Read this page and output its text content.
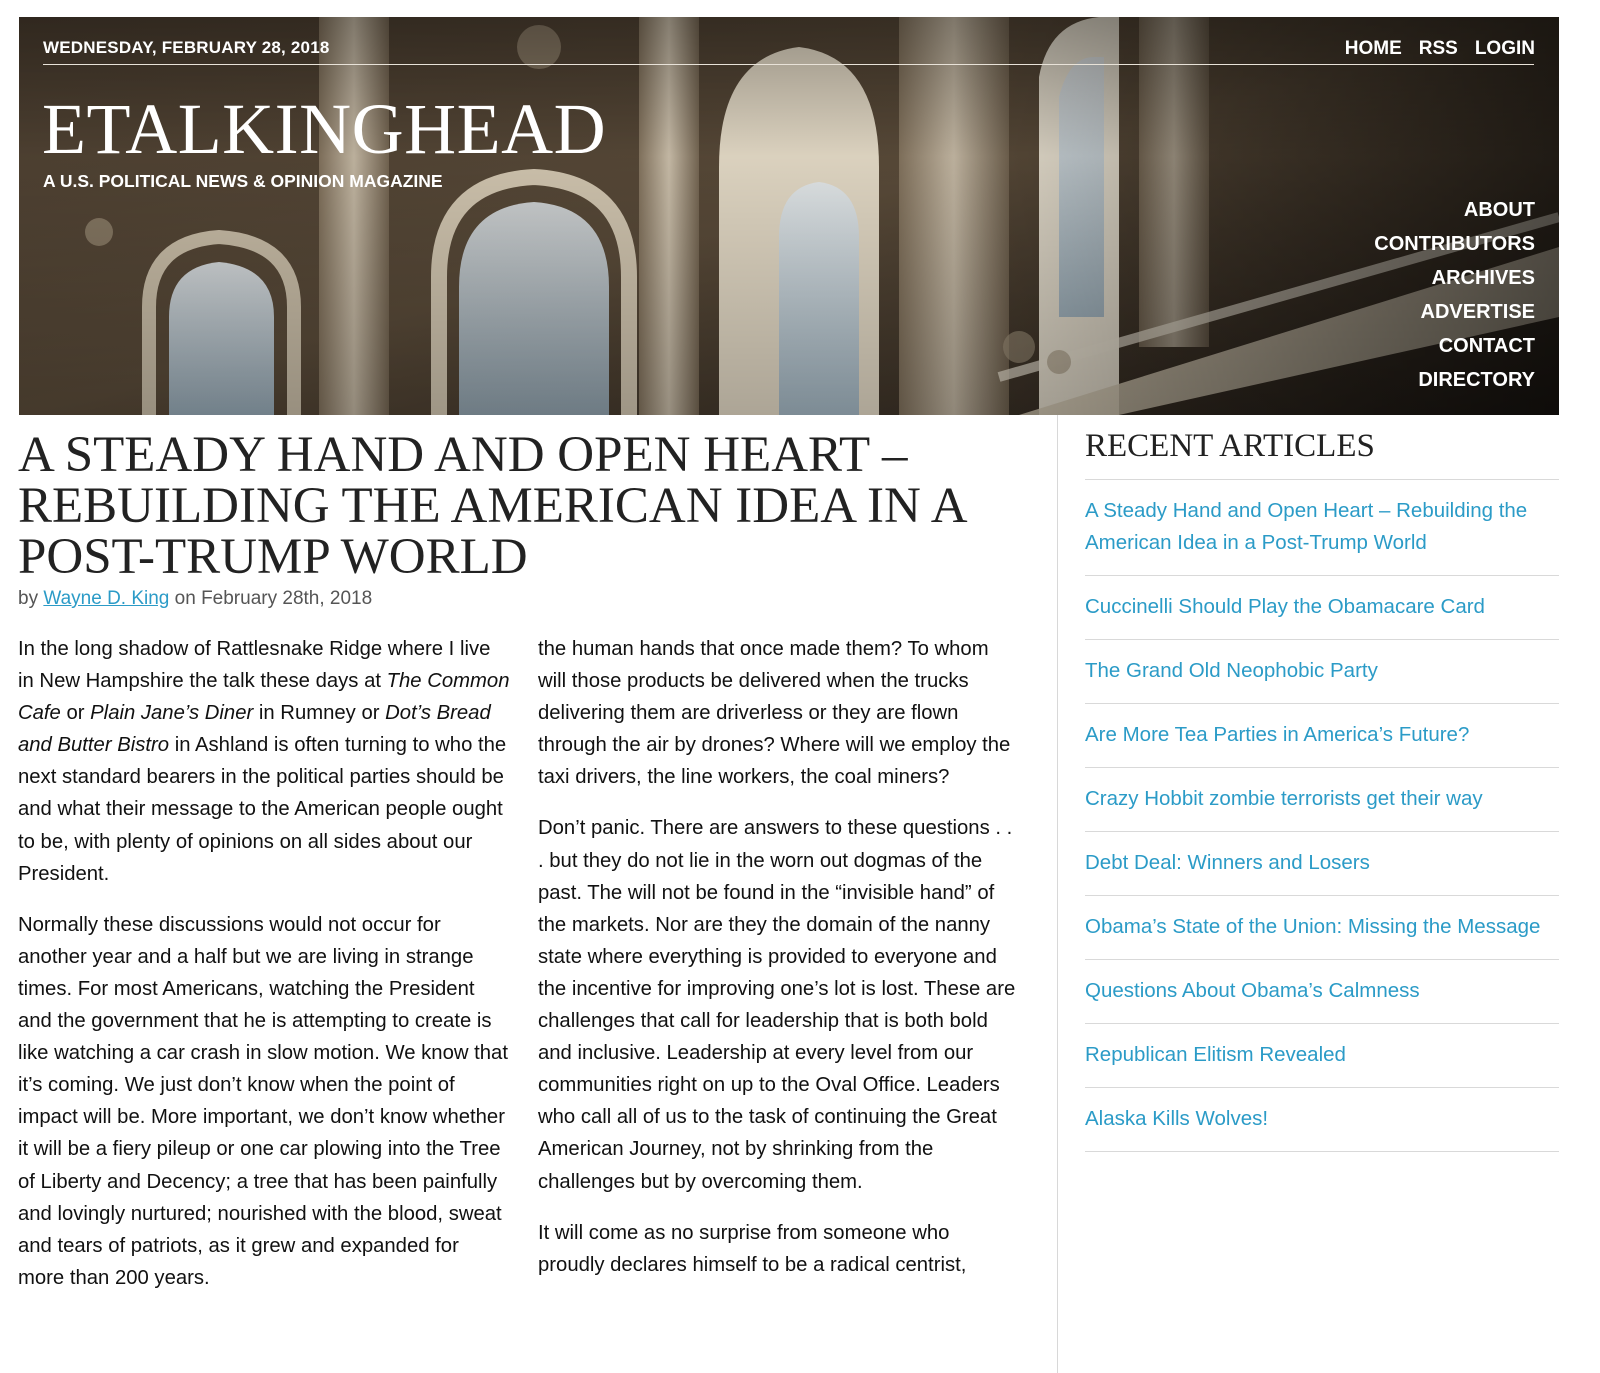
WEDNESDAY, FEBRUARY 28, 2018	HOME RSS LOGIN
ETALKINGHEAD
A U.S. POLITICAL NEWS & OPINION MAGAZINE
ABOUT
CONTRIBUTORS
ARCHIVES
ADVERTISE
CONTACT
DIRECTORY
A STEADY HAND AND OPEN HEART – REBUILDING THE AMERICAN IDEA IN A POST-TRUMP WORLD
by Wayne D. King on February 28th, 2018

In the long shadow of Rattlesnake Ridge where I live in New Hampshire the talk these days at The Common Cafe or Plain Jane’s Diner in Rumney or Dot’s Bread and Butter Bistro in Ashland is often turning to who the next standard bearers in the political parties should be and what their message to the American people ought to be, with plenty of opinions on all sides about our President.

Normally these discussions would not occur for another year and a half but we are living in strange times. For most Americans, watching the President and the government that he is attempting to create is like watching a car crash in slow motion. We know that it’s coming. We just don’t know when the point of impact will be. More important, we don’t know whether it will be a fiery pileup or one car plowing into the Tree of Liberty and Decency; a tree that has been painfully and lovingly nurtured; nourished with the blood, sweat and tears of patriots, as it grew and expanded for more than 200 years.

the human hands that once made them? To whom will those products be delivered when the trucks delivering them are driverless or they are flown through the air by drones? Where will we employ the taxi drivers, the line workers, the coal miners?

Don’t panic. There are answers to these questions . . . but they do not lie in the worn out dogmas of the past. The will not be found in the “invisible hand” of the markets. Nor are they the domain of the nanny state where everything is provided to everyone and the incentive for improving one’s lot is lost. These are challenges that call for leadership that is both bold and inclusive. Leadership at every level from our communities right on up to the Oval Office. Leaders who call all of us to the task of continuing the Great American Journey, not by shrinking from the challenges but by overcoming them.

It will come as no surprise from someone who proudly declares himself to be a radical centrist,

RECENT ARTICLES
A Steady Hand and Open Heart – Rebuilding the American Idea in a Post-Trump World
Cuccinelli Should Play the Obamacare Card
The Grand Old Neophobic Party
Are More Tea Parties in America’s Future?
Crazy Hobbit zombie terrorists get their way
Debt Deal: Winners and Losers
Obama’s State of the Union: Missing the Message
Questions About Obama’s Calmness
Republican Elitism Revealed
Alaska Kills Wolves!
